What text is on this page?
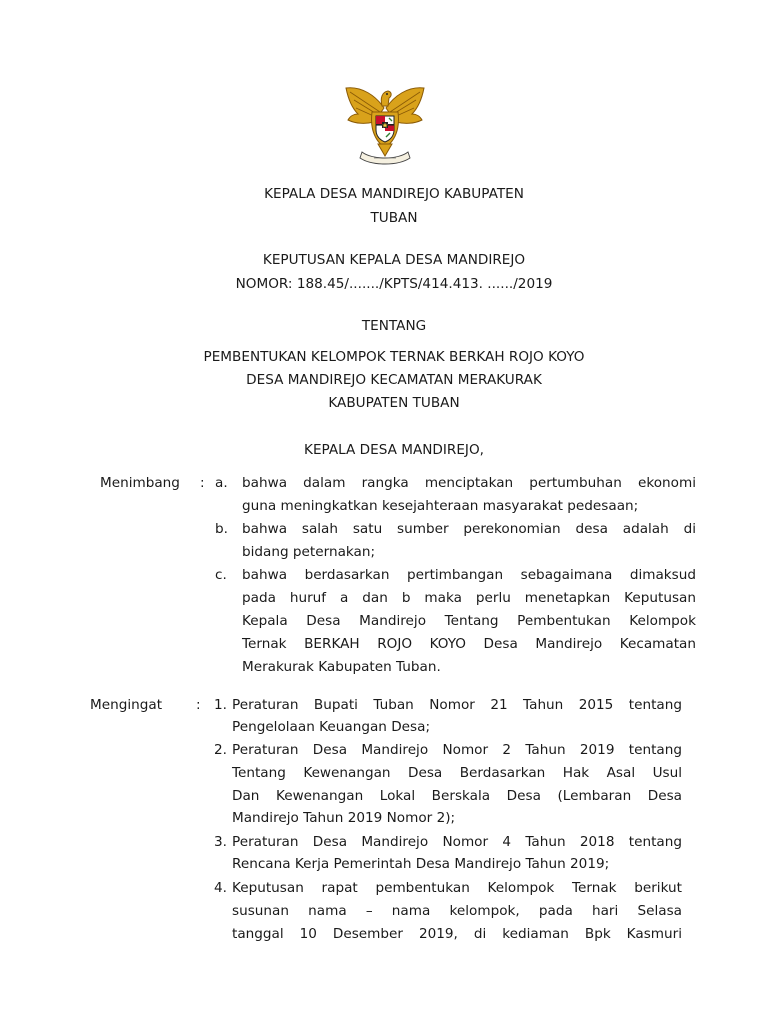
KEPALA DESA MANDIREJO KABUPATEN
TUBAN
KEPUTUSAN KEPALA DESA MANDIREJO
NOMOR: 188.45/......./KPTS/414.413. ....../2019
TENTANG
PEMBENTUKAN KELOMPOK TERNAK BERKAH ROJO KOYO
DESA MANDIREJO KECAMATAN MERAKURAK
KABUPATEN TUBAN
KEPALA DESA MANDIREJO,
Menimbang : a. bahwa dalam rangka menciptakan pertumbuhan ekonomi
guna meningkatkan kesejahteraan masyarakat pedesaan;
b. bahwa salah satu sumber perekonomian desa adalah di
bidang peternakan;
c. bahwa berdasarkan pertimbangan sebagaimana dimaksud
pada huruf a dan b maka perlu menetapkan Keputusan
Kepala Desa Mandirejo Tentang Pembentukan Kelompok
Ternak BERKAH ROJO KOYO Desa Mandirejo Kecamatan
Merakurak Kabupaten Tuban.
Mengingat : 1. Peraturan Bupati Tuban Nomor 21 Tahun 2015 tentang
Pengelolaan Keuangan Desa;
2. Peraturan Desa Mandirejo Nomor 2 Tahun 2019 tentang
Tentang Kewenangan Desa Berdasarkan Hak Asal Usul
Dan Kewenangan Lokal Berskala Desa (Lembaran Desa
Mandirejo Tahun 2019 Nomor 2);
3. Peraturan Desa Mandirejo Nomor 4 Tahun 2018 tentang
Rencana Kerja Pemerintah Desa Mandirejo Tahun 2019;
4. Keputusan rapat pembentukan Kelompok Ternak berikut
susunan nama – nama kelompok, pada hari Selasa
tanggal 10 Desember 2019, di kediaman Bpk Kasmuri
